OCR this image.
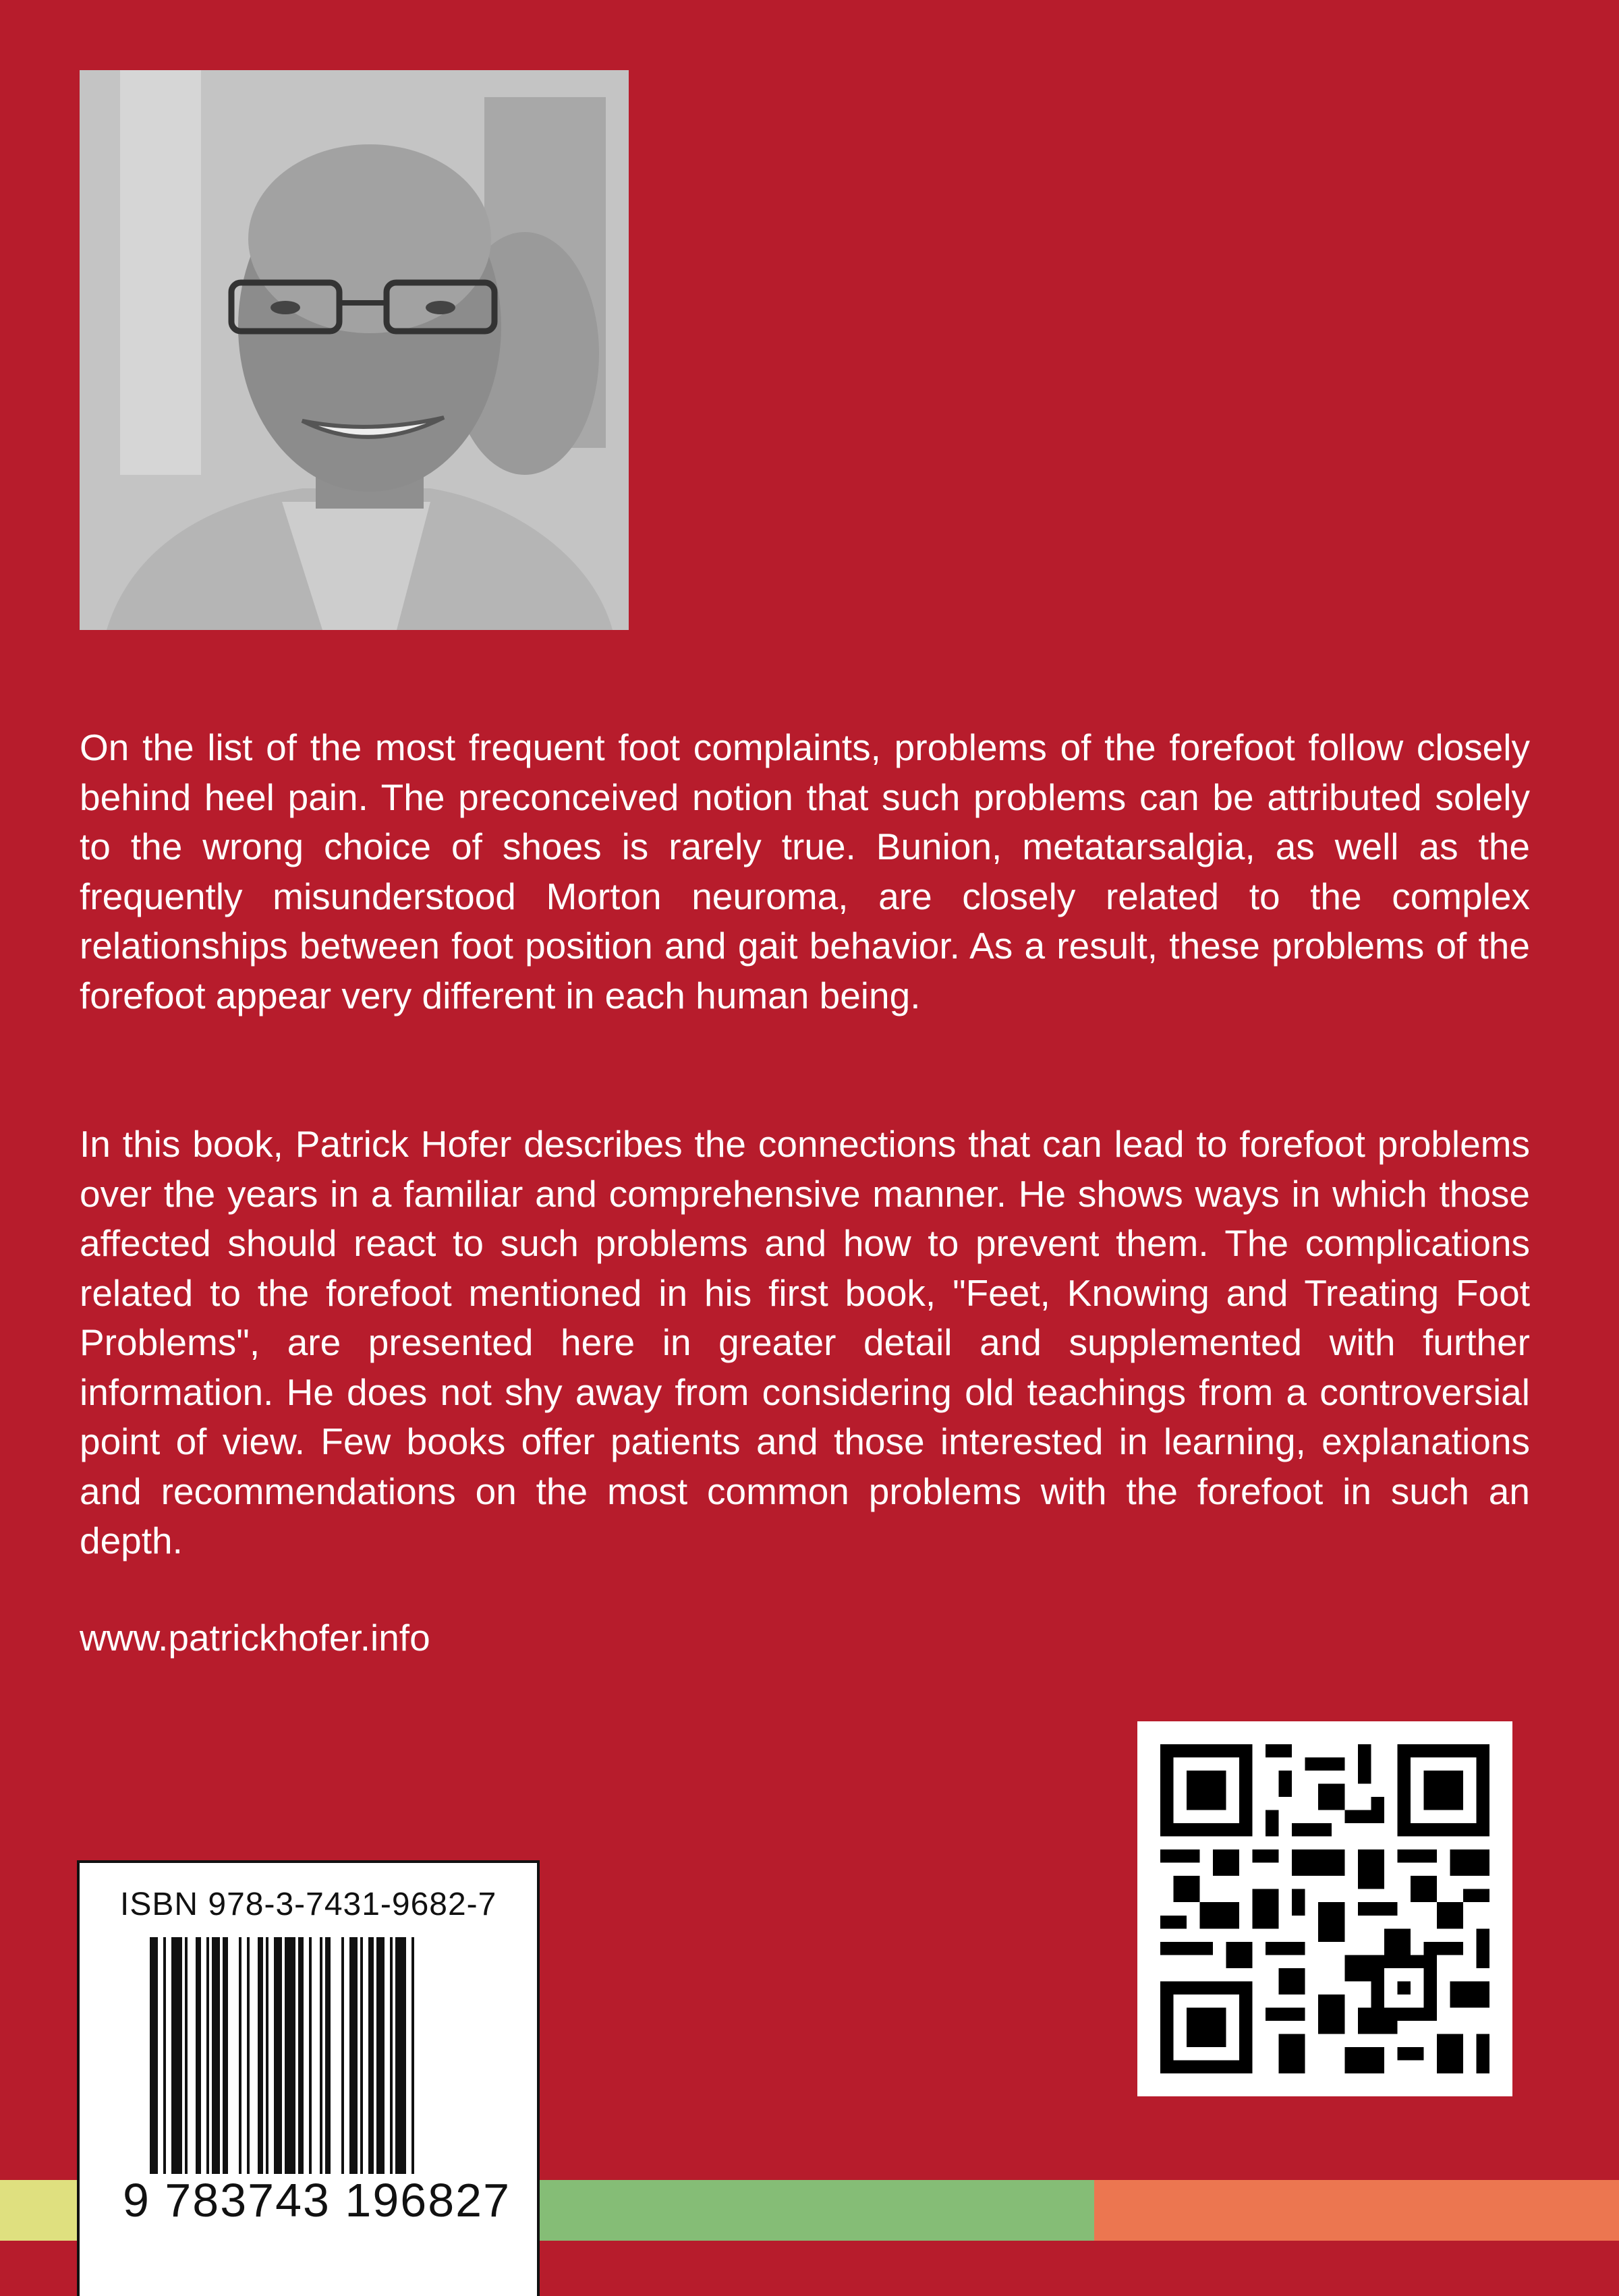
On the list of the most frequent foot complaints, problems of the forefoot follow closely behind heel pain. The preconceived notion that such problems can be attributed solely to the wrong choice of shoes is rarely true. Bunion, metatarsalgia, as well as the frequently misunderstood Morton neuroma, are closely related to the complex relationships between foot position and gait behavior. As a result, these problems of the forefoot appear very different in each human being.

In this book, Patrick Hofer describes the connections that can lead to forefoot problems over the years in a familiar and comprehensive manner. He shows ways in which those affected should react to such problems and how to prevent them. The complications related to the forefoot mentioned in his first book, "Feet, Knowing and Treating Foot Problems", are presented here in greater detail and supplemented with further information. He does not shy away from considering old teachings from a controversial point of view. Few books offer patients and those interested in learning, explanations and recommendations on the most common problems with the forefoot in such an depth.

www.patrickhofer.info

ISBN 978-3-7431-9682-7
9 783743 196827
